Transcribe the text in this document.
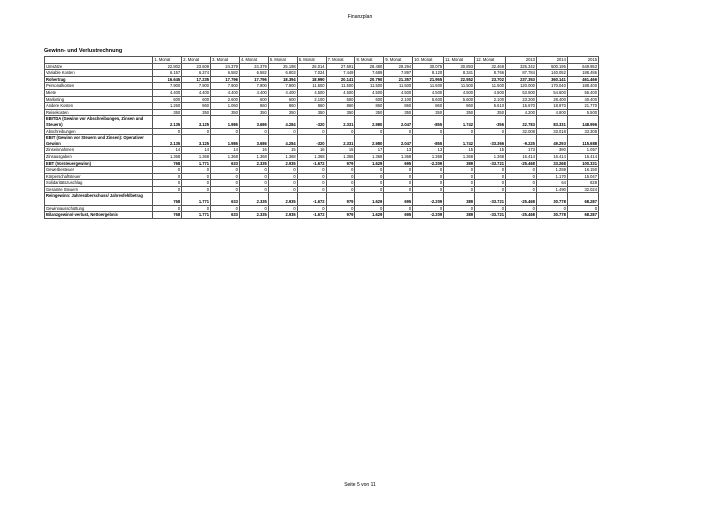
Finanzplan
Gewinn- und Verlustrechnung
	1. Monat	2. Monat	3. Monat	4. Monat	5. Monat	6. Monat	7. Monat	8. Monat	9. Monat	10. Monat	11. Monat	12. Monat	2013	2014	2015
Umsätze	22.802	23.609	24.379	24.379	25.198	26.014	27.591	28.480	29.294	30.075	30.893	32.468	325.342	500.196	649.953
Variable Kosten	6.157	6.374	6.582	6.582	6.803	7.024	7.449	7.689	7.897	8.120	8.341	8.766	87.784	140.052	188.486
Rohertrag	16.645	17.235	17.796	17.796	18.394	18.990	20.141	20.790	21.357	21.955	22.552	23.702	237.353	360.141	461.466
Personalkosten	7.900	7.900	7.900	7.900	7.900	11.500	11.500	11.500	11.500	11.500	11.500	11.500	120.000	170.040	188.400
Miete	4.400	4.400	4.400	4.400	4.400	4.500	4.500	4.500	4.500	4.500	4.500	4.500	53.500	54.600	56.400
Marketing	600	600	2.600	600	600	2.100	600	600	2.100	5.600	5.600	2.100	23.200	28.400	40.400
Andere Kosten	1.260	860	1.060	860	860	860	860	860	860	860	860	5.610	15.670	18.970	21.770
Reisekosten	350	350	350	350	350	350	350	350	350	350	350	350	4.200	4.800	5.500
EBITDA (Gewinn vor Abschreibungen, Zinsen und Steuern)	2.135	3.125	1.986	3.686	4.284	-320	2.331	2.980	2.047	-855	1.742	-356	22.783	83.331	148.996
Abschreibungen	0	0	0	0	0	0	0	0	0	0	0	0	32.008	33.018	33.308
EBIT (Gewinn vor Steuern und Zinsen): Operativer Gewinn	2.135	3.125	1.986	3.686	4.284	-320	2.331	2.980	2.047	-855	1.742	-33.366	-9.225	49.293	115.688
Zinseinnahmen	14	14	14	16	15	16	15	17	13	13	15	15	173	390	1.057
Zinsausgaben	1.368	1.368	1.368	1.368	1.368	1.368	1.368	1.368	1.368	1.368	1.368	1.368	16.414	16.414	16.414
EBT (Vorsteuergewinn)	768	1.771	633	2.335	2.935	-1.672	979	1.629	695	-2.209	389	-33.721	-25.468	33.268	100.331
Gewerbesteuer	0	0	0	0	0	0	0	0	0	0	0	0	0	1.259	16.150
Körperschaftsteuer	0	0	0	0	0	0	0	0	0	0	0	0	0	1.170	15.047
Solidaritätszuschlag	0	0	0	0	0	0	0	0	0	0	0	0	0	64	828
Gesamte Steuern	0	0	0	0	0	0	0	0	0	0	0	0	0	1.490	32.024
Reingewinn: Jahresüberschuss/ Jahresfehlbetrag	768	1.771	633	2.335	2.935	-1.672	979	1.629	695	-2.209	389	-33.721	-25.468	30.778	68.287
Gewinnausschüttung	0	0	0	0	0	0	0	0	0	0	0	0	0	0	0
Bilanzgewinn/-verlust, Nettoergebnis	768	1.771	633	2.335	2.935	-1.672	979	1.629	695	-2.209	389	-33.721	-25.468	30.778	68.287
Seite 5 von 11
